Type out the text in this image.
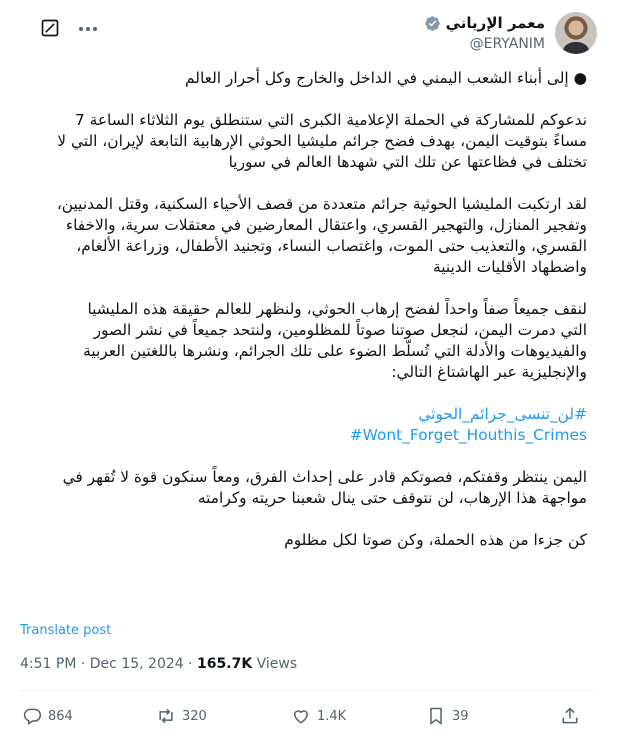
معمر الإرياني
@ERYANIM
● إلى أبناء الشعب اليمني في الداخل والخارج وكل أحرار العالم
ندعوكم للمشاركة في الحملة الإعلامية الكبرى التي ستنطلق يوم الثلاثاء الساعة 7
مساءً بتوقيت اليمن، بهدف فضح جرائم مليشيا الحوثي الإرهابية التابعة لإيران، التي لا
تختلف في فظاعتها عن تلك التي شهدها العالم في سوريا
لقد ارتكبت المليشيا الحوثية جرائم متعددة من قصف الأحياء السكنية، وقتل المدنيين،
وتفجير المنازل، والتهجير القسري، واعتقال المعارضين في معتقلات سرية، والاخفاء
القسري، والتعذيب حتى الموت، واغتصاب النساء، وتجنيد الأطفال، وزراعة الألغام،
واضطهاد الأقليات الدينية
لنقف جميعاً صفاً واحداً لفضح إرهاب الحوثي، ولنظهر للعالم حقيقة هذه المليشيا
التي دمرت اليمن، لنجعل صوتنا صوتاً للمظلومين، ولنتحد جميعاً في نشر الصور
والفيديوهات والأدلة التي تُسلّط الضوء على تلك الجرائم، ونشرها باللغتين العربية
والإنجليزية عبر الهاشتاغ التالي:
#لن_تنسى_جرائم_الحوثي
#Wont_Forget_Houthis_Crimes
اليمن ينتظر وقفتكم، فصوتكم قادر على إحداث الفرق، ومعاً سنكون قوة لا تُقهر في
مواجهة هذا الإرهاب، لن نتوقف حتى ينال شعبنا حريته وكرامته
كن جزءا من هذه الحملة، وكن صوتا لكل مظلوم
Translate post
4:51 PM · Dec 15, 2024 · 165.7K Views
864	320	1.4K	39
